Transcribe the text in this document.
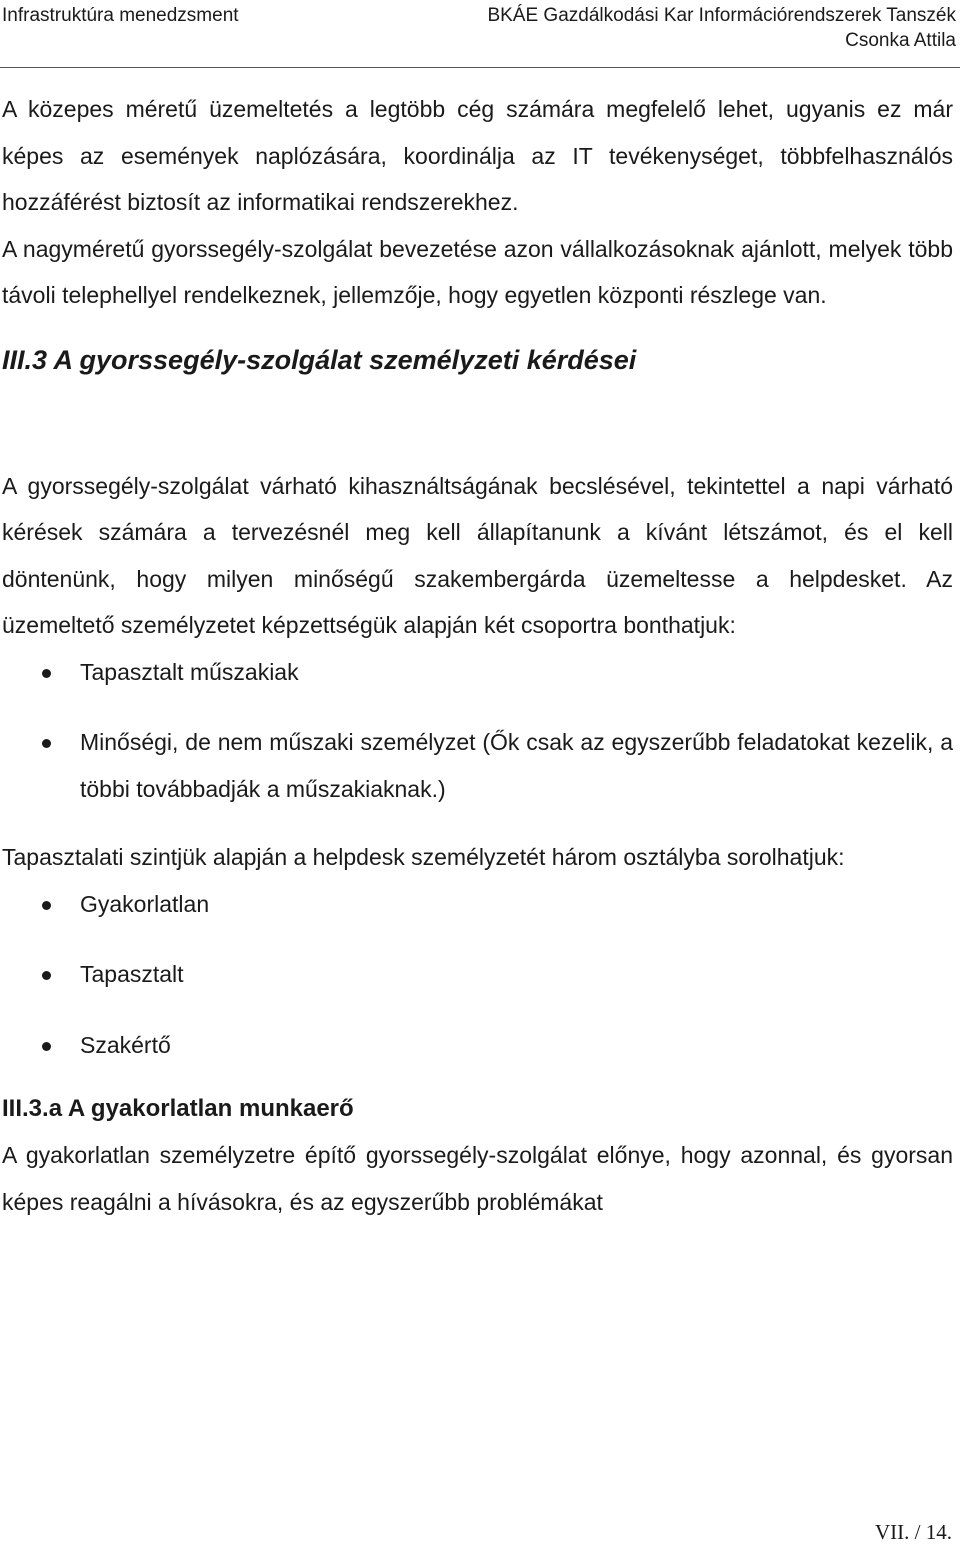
Infrastruktúra menedzsment	BKÁE Gazdálkodási Kar Információrendszerek Tanszék
Csonka Attila

A közepes méretű üzemeltetés a legtöbb cég számára megfelelő lehet, ugyanis ez már képes az események naplózására, koordinálja az IT tevékenységet, többfelhasználós hozzáférést biztosít az informatikai rendszerekhez.

A nagyméretű gyorssegély-szolgálat bevezetése azon vállalkozásoknak ajánlott, melyek több távoli telephellyel rendelkeznek, jellemzője, hogy egyetlen központi részlege van.

III.3 A gyorssegély-szolgálat személyzeti kérdései

A gyorssegély-szolgálat várható kihasználtságának becslésével, tekintettel a napi várható kérések számára a tervezésnél meg kell állapítanunk a kívánt létszámot, és el kell döntenünk, hogy milyen minőségű szakembergárda üzemeltesse a helpdesket. Az üzemeltető személyzetet képzettségük alapján két csoportra bonthatjuk:

Tapasztalt műszakiak
Minőségi, de nem műszaki személyzet (Ők csak az egyszerűbb feladatokat kezelik, a többi továbbadják a műszakiaknak.)

Tapasztalati szintjük alapján a helpdesk személyzetét három osztályba sorolhatjuk:

Gyakorlatlan
Tapasztalt
Szakértő
III.3.a A gyakorlatlan munkaerő

A gyakorlatlan személyzetre építő gyorssegély-szolgálat előnye, hogy azonnal, és gyorsan képes reagálni a hívásokra, és az egyszerűbb problémákat

VII. / 14.
